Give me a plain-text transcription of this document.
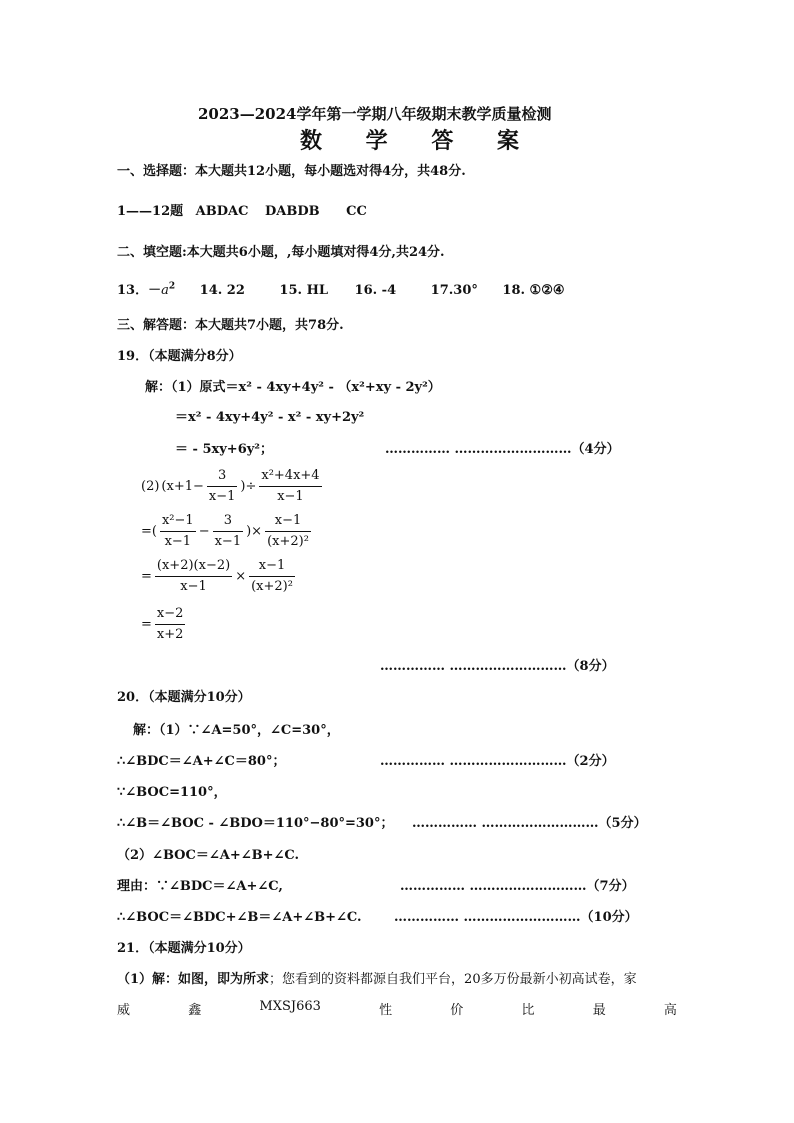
2023—2024学年第一学期八年级期末教学质量检测
数 学 答 案
一、选择题：本大题共12小题，每小题选对得4分，共48分.
1——12题 ABDAC DABDB CC
二、填空题:本大题共6小题，,每小题填对得4分,共24分.
13．$-a^2$ 14. 22	15. HL 16. -4	17.30° 18. ①②④
三、解答题：本大题共7小题，共78分.
19．（本题满分8分）
解：（1）原式＝x² - 4xy+4y² - （x²+xy - 2y²）
＝x² - 4xy+4y² - x² - xy+2y²
＝ - 5xy+6y²；	…………… ………………………（4分）
(2) ($x+1- \frac{3}{x-1}$ )÷ $\frac{\text{x²+4x+4}}{x-1}$
=( $\frac{\text{x²−1}}{x-1} - \frac{3}{x-1}$ )× $\frac{x-1}{\text{(x+2)²}}$
= $\frac{(x+2)(x-2)}{x-1} \times \frac{x-1}{\text{(x+2)²}}$
= $\frac{x-2}{x+2}$
…………… ………………………（8分）
20．（本题满分10分）
解：（1）∵∠A=50°，∠C=30°，
∴∠BDC＝∠A+∠C＝80°；	…………… ………………………（2分）
∵∠BOC=110°，
∴∠B＝∠BOC - ∠BDO＝110°−80°=30°； …………… ………………………（5分）
（2）∠BOC＝∠A+∠B+∠C.
理由：∵∠BDC＝∠A+∠C,	…………… ………………………（7分）
∴∠BOC＝∠BDC+∠B＝∠A+∠B+∠C. …………… ………………………（10分）
21．（本题满分10分）
（1）解：如图，即为所求；您看到的资料都源自我们平台，20多万份最新小初高试卷，家
威	鑫	MXSJ663	性	价	比	最	高
